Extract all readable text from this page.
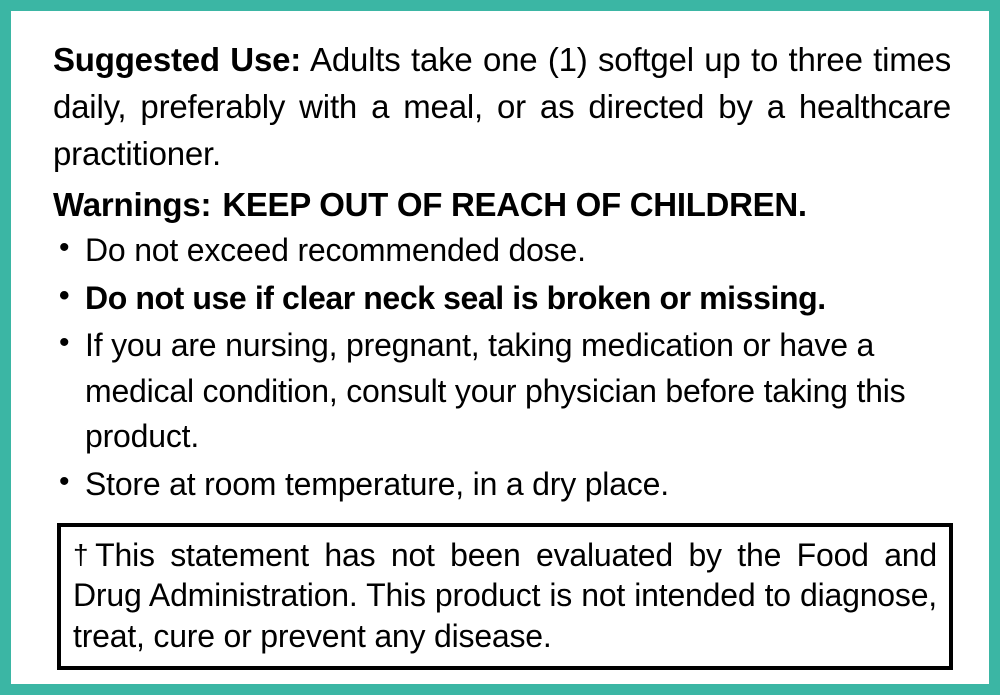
Suggested Use: Adults take one (1) softgel up to three times daily, preferably with a meal, or as directed by a healthcare practitioner.

Warnings: KEEP OUT OF REACH OF CHILDREN.

• Do not exceed recommended dose.
• Do not use if clear neck seal is broken or missing.
• If you are nursing, pregnant, taking medication or have a medical condition, consult your physician before taking this product.
• Store at room temperature, in a dry place.

†This statement has not been evaluated by the Food and Drug Administration. This product is not intended to diagnose, treat, cure or prevent any disease.
